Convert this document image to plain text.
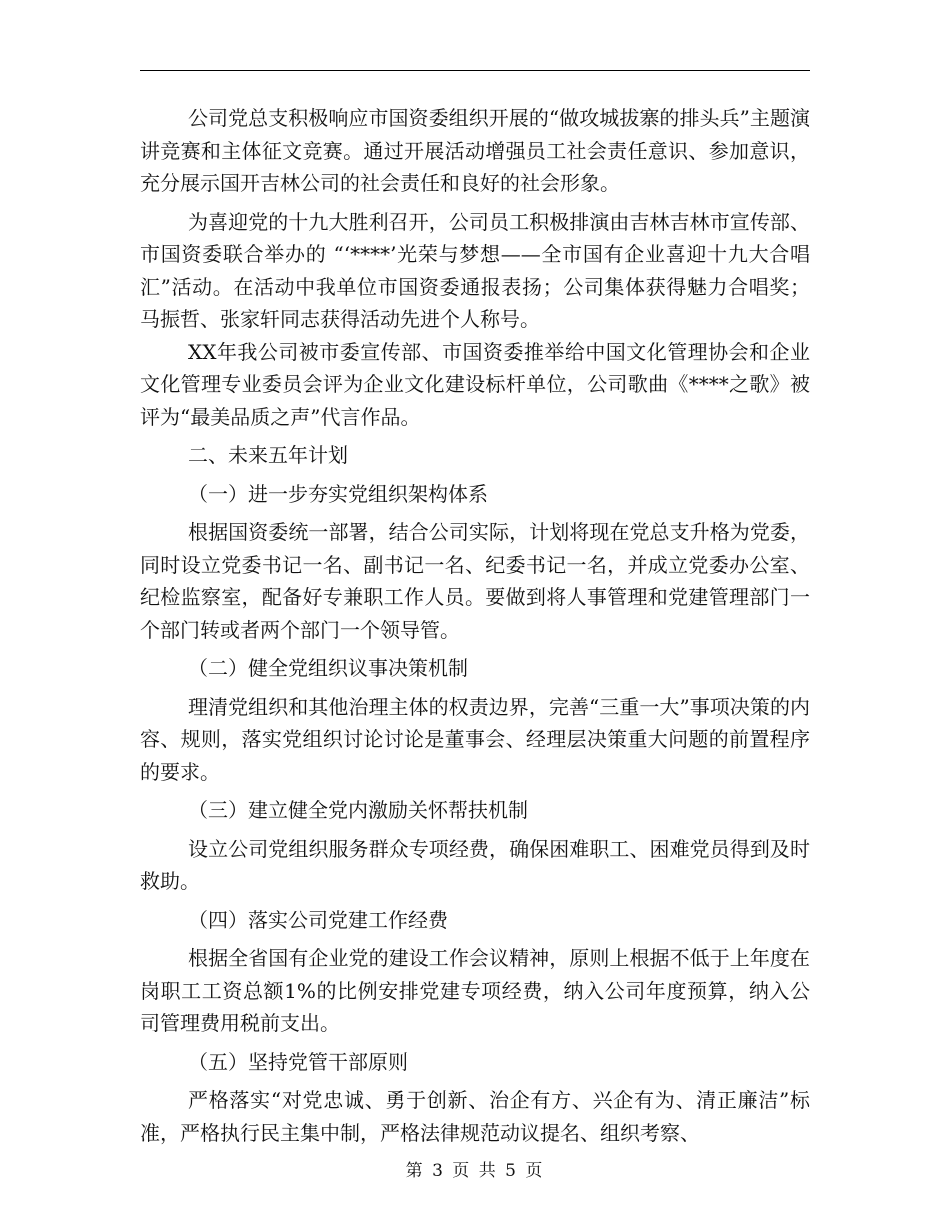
公司党总支积极响应市国资委组织开展的“做攻城拔寨的排头兵”主题演讲竞赛和主体征文竞赛。通过开展活动增强员工社会责任意识、参加意识，充分展示国开吉林公司的社会责任和良好的社会形象。

为喜迎党的十九大胜利召开，公司员工积极排演由吉林吉林市宣传部、市国资委联合举办的 “‘****’光荣与梦想——全市国有企业喜迎十九大合唱汇”活动。在活动中我单位市国资委通报表扬；公司集体获得魅力合唱奖；马振哲、张家轩同志获得活动先进个人称号。

XX年我公司被市委宣传部、市国资委推举给中国文化管理协会和企业文化管理专业委员会评为企业文化建设标杆单位，公司歌曲《****之歌》被评为“最美品质之声”代言作品。

二、未来五年计划

（一）进一步夯实党组织架构体系

根据国资委统一部署，结合公司实际，计划将现在党总支升格为党委，同时设立党委书记一名、副书记一名、纪委书记一名，并成立党委办公室、纪检监察室，配备好专兼职工作人员。要做到将人事管理和党建管理部门一个部门转或者两个部门一个领导管。

（二）健全党组织议事决策机制

理清党组织和其他治理主体的权责边界，完善“三重一大”事项决策的内容、规则，落实党组织讨论讨论是董事会、经理层决策重大问题的前置程序的要求。

（三）建立健全党内激励关怀帮扶机制

设立公司党组织服务群众专项经费，确保困难职工、困难党员得到及时救助。

（四）落实公司党建工作经费

根据全省国有企业党的建设工作会议精神，原则上根据不低于上年度在岗职工工资总额1%的比例安排党建专项经费，纳入公司年度预算，纳入公司管理费用税前支出。

（五）坚持党管干部原则

严格落实“对党忠诚、勇于创新、治企有方、兴企有为、清正廉洁”标准，严格执行民主集中制，严格法律规范动议提名、组织考察、

第 3 页 共 5 页
